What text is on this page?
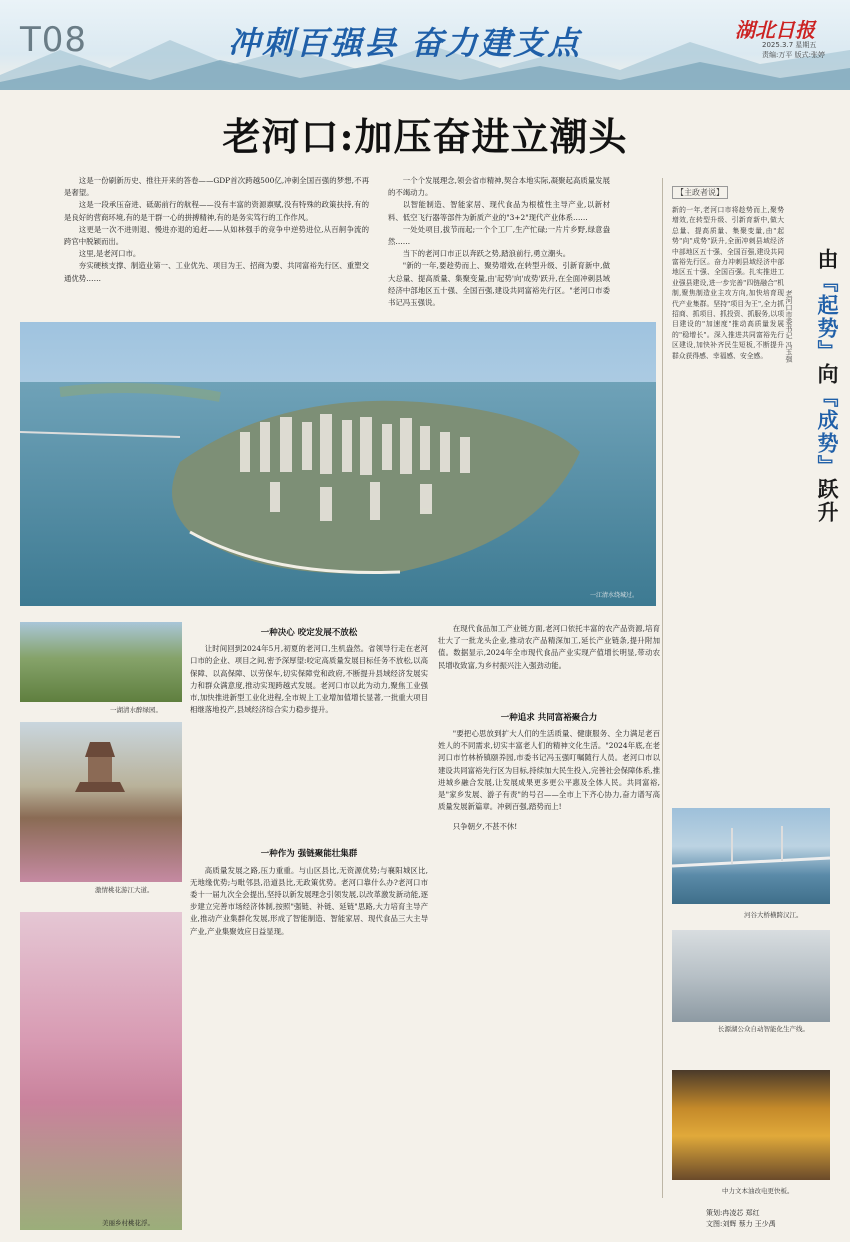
T08	冲刺百强县 奋力建支点	湖北日报
2025.3.7 星期五
责编:万平 版式:张婷
老河口:加压奋进立潮头

这是一份刷新历史、推往开来的答卷——GDP首次跨越500亿,冲刺全国百强的梦想,不再是奢望。

这是一段承压奋进、砥砺前行的航程——没有丰富的资源禀赋,没有特殊的政策扶持,有的是良好的营商环境,有的是干群一心的拼搏精神,有的是务实笃行的工作作风。

这更是一次不进则退、慢进亦退的追赶——从如林强手的竞争中逆势进位,从百舸争流的跨官中脱颖而出。

这里,是老河口市。

夯实硬核支撑、制造业第一、工业优先、项目为王、招商为要、共同富裕先行区、重塑交通优势……

一个个发展理念,领会省市精神,契合本地实际,凝聚起高质量发展的不竭动力。

以智能制造、智能家居、现代食品为根植性主导产业,以新材料、低空飞行器等部件为新质产业的"3+2"现代产业体系……

一处处项目,拔节而起;一个个工厂,生产忙碌;一片片乡野,绿意盎然……

当下的老河口市正以奔跃之势,踏浪前行,勇立潮头。

"新的一年,要趁势而上、聚势增效,在转型升级、引新育新中,做大总量、提高质量、集聚变量,由'起势'向'成势'跃升,在全面冲刺县域经济中部地区五十强、全国百强,建设共同富裕先行区。"老河口市委书记冯玉强说。

【主政者说】
新的一年,老河口市将趁势而上,聚势增效,在转型升级、引新育新中,做大总量、提高质量、集聚变量,由"起势"向"成势"跃升,全面冲刺县域经济中部地区五十强、全国百强,建设共同富裕先行区。奋力冲刺县域经济中部地区五十强、全国百强。扎实推进工业强县建设,进一步完善"四链融合"机制,聚焦制造业主攻方向,加快培育现代产业集群。坚持"项目为王",全力抓招商、抓项目、抓投资、抓服务,以项目建设的"加速度"推动高质量发展的"稳增长"。深入推进共同富裕先行区建设,加快补齐民生短板,不断提升群众获得感、幸福感、安全感。
由『起势』向『成势』跃升
老河口市委书记 冯玉强
一江清水绕城过。
一湖清水醉绿园。
激情桃花游江大道。
美丽乡村桃花浮。
一种决心 咬定发展不放松

让时间回到2024年5月,初夏的老河口,生机盎然。省领导行走在老河口市的企业、项目之间,密予深厚望:咬定高质量发展目标任务不放松,以高保障、以高保障、以劳保车,切实保障党和政府,不断提升县域经济发展实力和群众满意度,推动实现跨越式发展。老河口市以此为动力,聚焦工业强市,加快推进新型工业化进程,全市规上工业增加值增长显著,一批重大项目相继落地投产,县域经济综合实力稳步提升。

一种作为 强链聚能壮集群

高质量发展之路,压力重重。与山区县比,无资源优势;与襄阳城区比,无地缘优势;与毗邻县,沿道县比,无政策优势。老河口靠什么办?老河口市委十一届九次全会提出,坚持以新发展理念引领发展,以改革激发新动能,逐步建立完善市场经济体制,按照"强链、补链、延链"思路,大力培育主导产业,推动产业集群化发展,形成了智能制造、智能家居、现代食品三大主导产业,产业集聚效应日益显现。

在现代食品加工产业链方面,老河口依托丰富的农产品资源,培育壮大了一批龙头企业,推动农产品精深加工,延长产业链条,提升附加值。数据显示,2024年全市现代食品产业实现产值增长明显,带动农民增收致富,为乡村振兴注入强劲动能。

一种追求 共同富裕聚合力

"要把心思放到扩大人们的生活质量、健康服务、全力满足老百姓人的不同需求,切实丰富老人们的精神文化生活。"2024年底,在老河口市竹林桥镇颐养园,市委书记冯玉强叮嘱随行人员。老河口市以建设共同富裕先行区为目标,持续加大民生投入,完善社会保障体系,推进城乡融合发展,让发展成果更多更公平惠及全体人民。共同富裕,是"家乡发展、游子有责"的号召——全市上下齐心协力,奋力谱写高质量发展新篇章。冲刺百强,踏势而上!

只争朝夕,不甚不休!

河谷大桥横跨汉江。
长源湖公众自动智能化生产线。
中力文本油改电更快板。
策划:冉凌芯 郑红
文图:刘辉 蔡力 王少禹
